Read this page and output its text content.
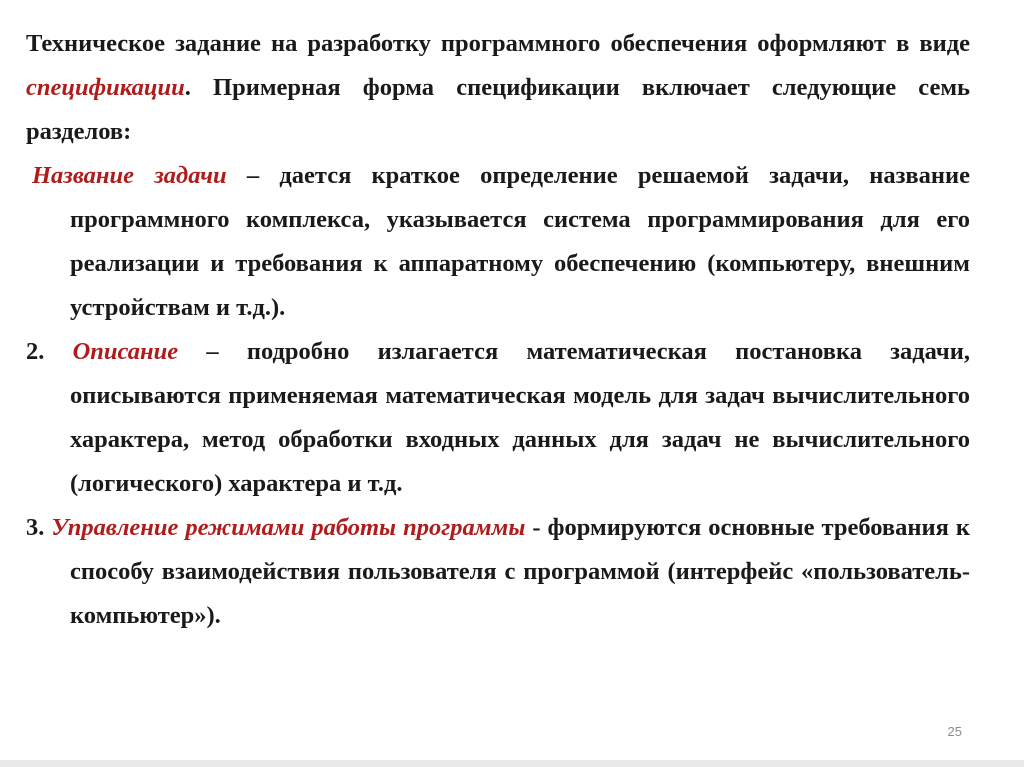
Техническое задание на разработку программного обеспечения оформляют в виде спецификации. Примерная форма спецификации включает следующие семь разделов:

Название задачи – дается краткое определение решаемой задачи, название программного комплекса, указывается система программирования для его реализации и требования к аппаратному обеспечению (компьютеру, внешним устройствам и т.д.).

2. Описание – подробно излагается математическая постановка задачи, описываются применяемая математическая модель для задач вычислительного характера, метод обработки входных данных для задач не вычислительного (логического) характера и т.д.

3. Управление режимами работы программы - формируются основные требования к способу взаимодействия пользователя с программой (интерфейс «пользователь-компьютер»).

25
